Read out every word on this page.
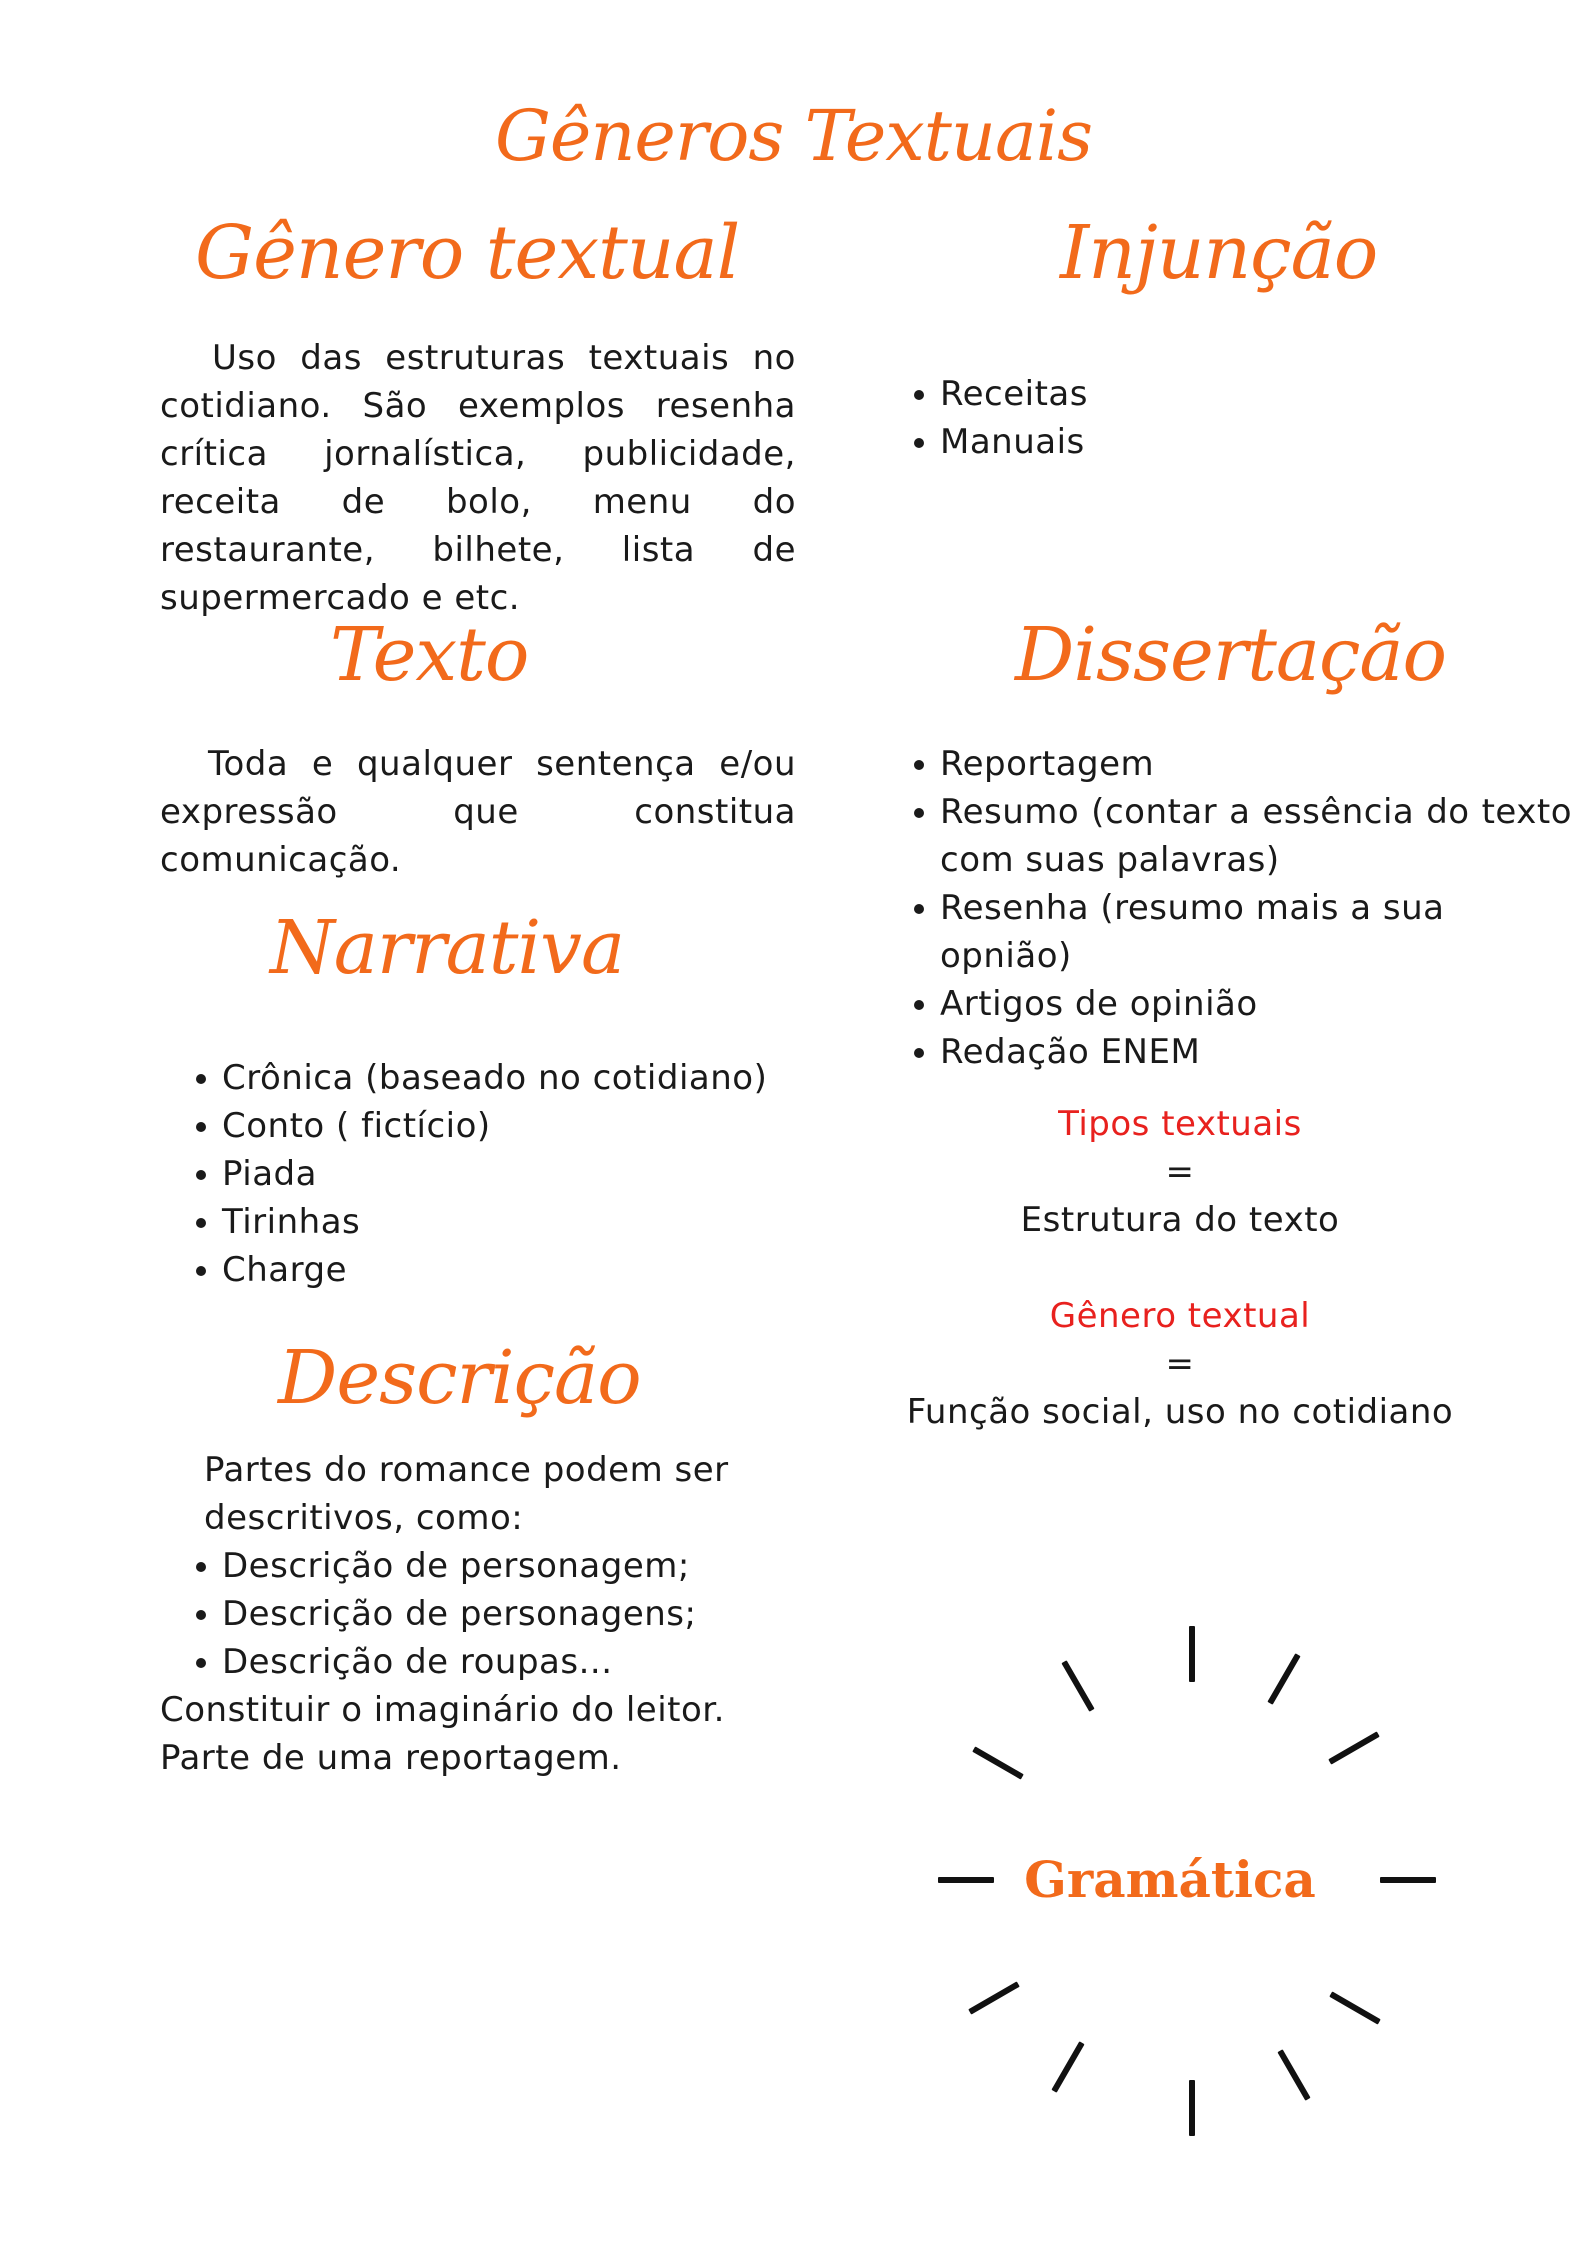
Gêneros Textuais
Gênero textual

Uso das estruturas textuais no cotidiano. São exemplos resenha crítica jornalística, publicidade, receita de bolo, menu do restaurante, bilhete, lista de supermercado e etc.

Injunção
Receitas
Manuais
Texto

Toda e qualquer sentença e/ou expressão que constitua comunicação.

Dissertação
Reportagem
Resumo (contar a essência do texto com suas palavras)
Resenha (resumo mais a sua opnião)
Artigos de opinião
Redação ENEM
Narrativa
Crônica (baseado no cotidiano)
Conto ( fictício)
Piada
Tirinhas
Charge
Tipos textuais
=
Estrutura do texto
Gênero textual
=
Função social, uso no cotidiano
Descrição
Partes do romance podem ser descritivos, como:
Descrição de personagem;
Descrição de personagens;
Descrição de roupas...
Constituir o imaginário do leitor.
Parte de uma reportagem.
Gramática
